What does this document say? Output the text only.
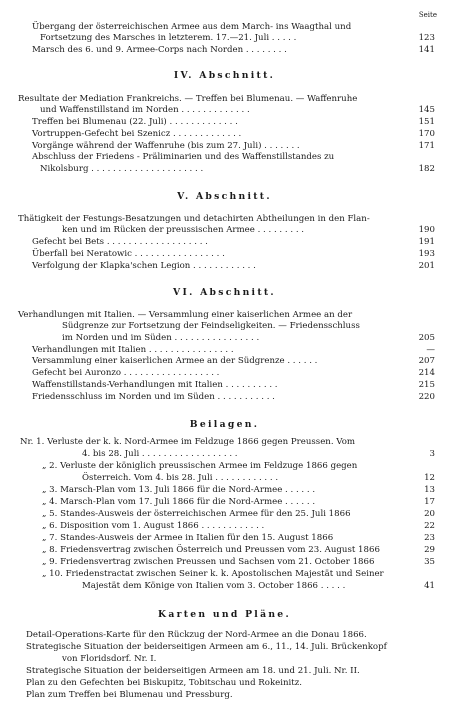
Seite
Übergang der österreichischen Armee aus dem March- ins Waagthal und
Fortsetzung des Marsches in letzterem. 17.—21. Juli . . . . .	123
Marsch des 6. und 9. Armee-Corps nach Norden . . . . . . . .	141
IV. Abschnitt.
Resultate der Mediation Frankreichs. — Treffen bei Blumenau. — Waffenruhe
und Waffenstillstand im Norden . . . . . . . . . . . . .	145
Treffen bei Blumenau (22. Juli) . . . . . . . . . . . . .	151
Vortruppen-Gefecht bei Szenicz . . . . . . . . . . . . .	170
Vorgänge während der Waffenruhe (bis zum 27. Juli) . . . . . . .	171
Abschluss der Friedens - Präliminarien und des Waffenstillstandes zu
Nikolsburg . . . . . . . . . . . . . . . . . . . . .	182
V. Abschnitt.
Thätigkeit der Festungs-Besatzungen und detachirten Abtheilungen in den Flan-
ken und im Rücken der preussischen Armee . . . . . . . . .	190
Gefecht bei Bets . . . . . . . . . . . . . . . . . . .	191
Überfall bei Neratowic . . . . . . . . . . . . . . . . .	193
Verfolgung der Klapka'schen Legion . . . . . . . . . . . .	201
VI. Abschnitt.
Verhandlungen mit Italien. — Versammlung einer kaiserlichen Armee an der
Südgrenze zur Fortsetzung der Feindseligkeiten. — Friedensschluss
im Norden und im Süden . . . . . . . . . . . . . . . .	205
Verhandlungen mit Italien . . . . . . . . . . . . . . . .	—
Versammlung einer kaiserlichen Armee an der Südgrenze . . . . . .	207
Gefecht bei Auronzo . . . . . . . . . . . . . . . . . .	214
Waffenstillstands-Verhandlungen mit Italien . . . . . . . . . .	215
Friedensschluss im Norden und im Süden . . . . . . . . . . .	220
Beilagen.
Nr. 1. Verluste der k. k. Nord-Armee im Feldzuge 1866 gegen Preussen. Vom
4. bis 28. Juli . . . . . . . . . . . . . . . . . .	3
„ 2. Verluste der königlich preussischen Armee im Feldzuge 1866 gegen
Österreich. Vom 4. bis 28. Juli . . . . . . . . . . . .	12
„ 3. Marsch-Plan vom 13. Juli 1866 für die Nord-Armee . . . . . .	13
„ 4. Marsch-Plan vom 17. Juli 1866 für die Nord-Armee . . . . . .	17
„ 5. Standes-Ausweis der österreichischen Armee für den 25. Juli 1866	20
„ 6. Disposition vom 1. August 1866 . . . . . . . . . . . .	22
„ 7. Standes-Ausweis der Armee in Italien für den 15. August 1866	23
„ 8. Friedensvertrag zwischen Österreich und Preussen vom 23. August 1866	29
„ 9. Friedensvertrag zwischen Preussen und Sachsen vom 21. October 1866	35
„ 10. Friedenstractat zwischen Seiner k. k. Apostolischen Majestät und Seiner
Majestät dem Könige von Italien vom 3. October 1866 . . . . .	41
Karten und Pläne.
Detail-Operations-Karte für den Rückzug der Nord-Armee an die Donau 1866.
Strategische Situation der beiderseitigen Armeen am 6., 11., 14. Juli. Brückenkopf
von Floridsdorf. Nr. I.
Strategische Situation der beiderseitigen Armeen am 18. und 21. Juli. Nr. II.
Plan zu den Gefechten bei Biskupitz, Tobitschau und Rokeinitz.
Plan zum Treffen bei Blumenau und Pressburg.
